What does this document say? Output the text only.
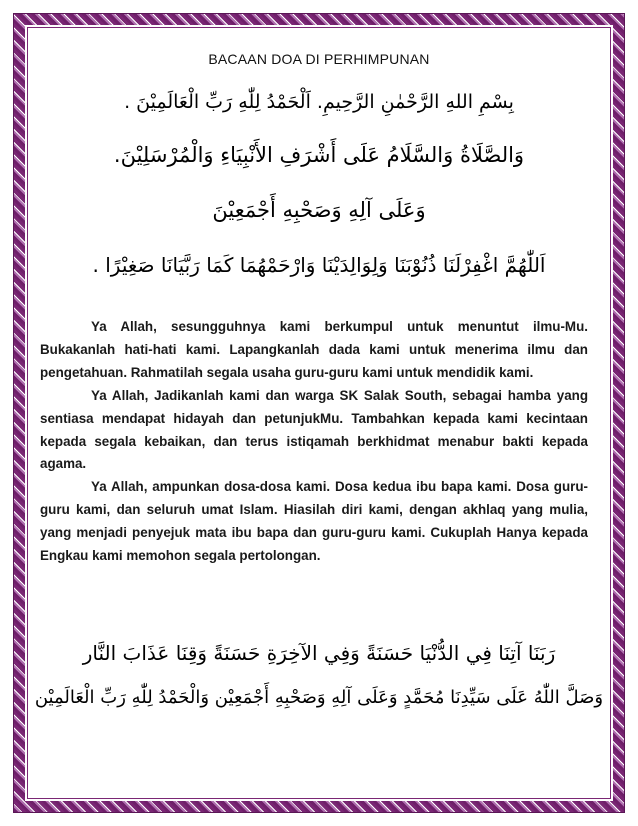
BACAAN DOA DI PERHIMPUNAN
بِسْمِ اللهِ الرَّحْمٰنِ الرَّحِيمِ. اَلْحَمْدُ لِلّٰهِ رَبِّ الْعَالَمِيْنَ .
وَالصَّلَاةُ وَالسَّلَامُ عَلَى أَشْرَفِ الأَنْبِيَاءِ وَالْمُرْسَلِيْنَ.
وَعَلَى آلِهِ وَصَحْبِهِ أَجْمَعِيْنَ
اَللّٰهُمَّ اغْفِرْلَنَا ذُنُوْبَنَا وَلِوَالِدَيْنَا وَارْحَمْهُمَا كَمَا رَبَّيَانَا صَغِيْرًا .

Ya Allah, sesungguhnya kami berkumpul untuk menuntut ilmu-Mu. Bukakanlah hati-hati kami. Lapangkanlah dada kami untuk menerima ilmu dan pengetahuan. Rahmatilah segala usaha guru-guru kami untuk mendidik kami.

Ya Allah, Jadikanlah kami dan warga SK Salak South, sebagai hamba yang sentiasa mendapat hidayah dan petunjukMu. Tambahkan kepada kami kecintaan kepada segala kebaikan, dan terus istiqamah berkhidmat menabur bakti kepada agama.

Ya Allah, ampunkan dosa-dosa kami. Dosa kedua ibu bapa kami. Dosa guru-guru kami, dan seluruh umat Islam. Hiasilah diri kami, dengan akhlaq yang mulia, yang menjadi penyejuk mata ibu bapa dan guru-guru kami. Cukuplah Hanya kepada Engkau kami memohon segala pertolongan.

رَبَنَا آتِنَا فِي الدُّنْيَا حَسَنَةً وَفِي الآخِرَةِ حَسَنَةً وَقِنَا عَذَابَ النَّار
وَصَلَّ اللّٰهُ عَلَى سَيِّدِنَا مُحَمَّدٍ وَعَلَى آلِهِ وَصَحْبِهِ أَجْمَعِيْن وَالْحَمْدُ لِلّٰهِ رَبِّ الْعَالَمِيْن
